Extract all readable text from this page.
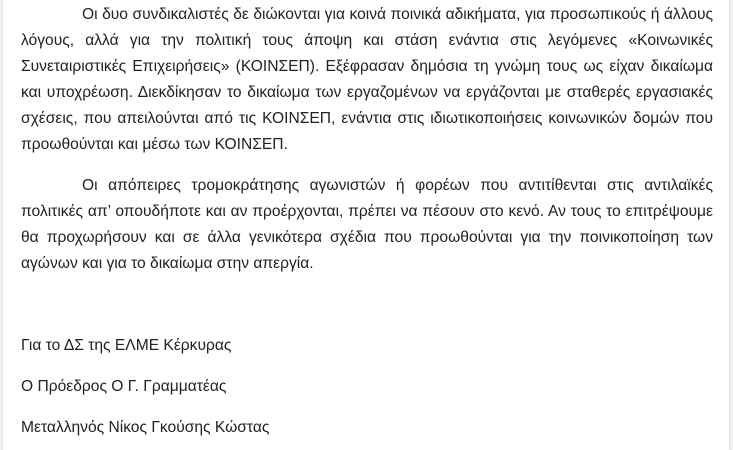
Οι δυο συνδικαλιστές δε διώκονται για κοινά ποινικά αδικήματα, για προσωπικούς ή άλλους λόγους, αλλά για την πολιτική τους άποψη και στάση ενάντια στις λεγόμενες «Κοινωνικές Συνεταιριστικές Επιχειρήσεις» (ΚΟΙΝΣΕΠ). Εξέφρασαν δημόσια τη γνώμη τους ως είχαν δικαίωμα και υποχρέωση. Διεκδίκησαν το δικαίωμα των εργαζομένων να εργάζονται με σταθερές εργασιακές σχέσεις, που απειλούνται από τις ΚΟΙΝΣΕΠ, ενάντια στις ιδιωτικοποιήσεις κοινωνικών δομών που προωθούνται και μέσω των ΚΟΙΝΣΕΠ.

Οι απόπειρες τρομοκράτησης αγωνιστών ή φορέων που αντιτίθενται στις αντιλαϊκές πολιτικές απ’ οπουδήποτε και αν προέρχονται, πρέπει να πέσουν στο κενό. Αν τους το επιτρέψουμε θα προχωρήσουν και σε άλλα γενικότερα σχέδια που προωθούνται για την ποινικοποίηση των αγώνων και για το δικαίωμα στην απεργία.

Για το ΔΣ της ΕΛΜΕ Κέρκυρας

Ο Πρόεδρος Ο Γ. Γραμματέας

Μεταλληνός Νίκος Γκούσης Κώστας
